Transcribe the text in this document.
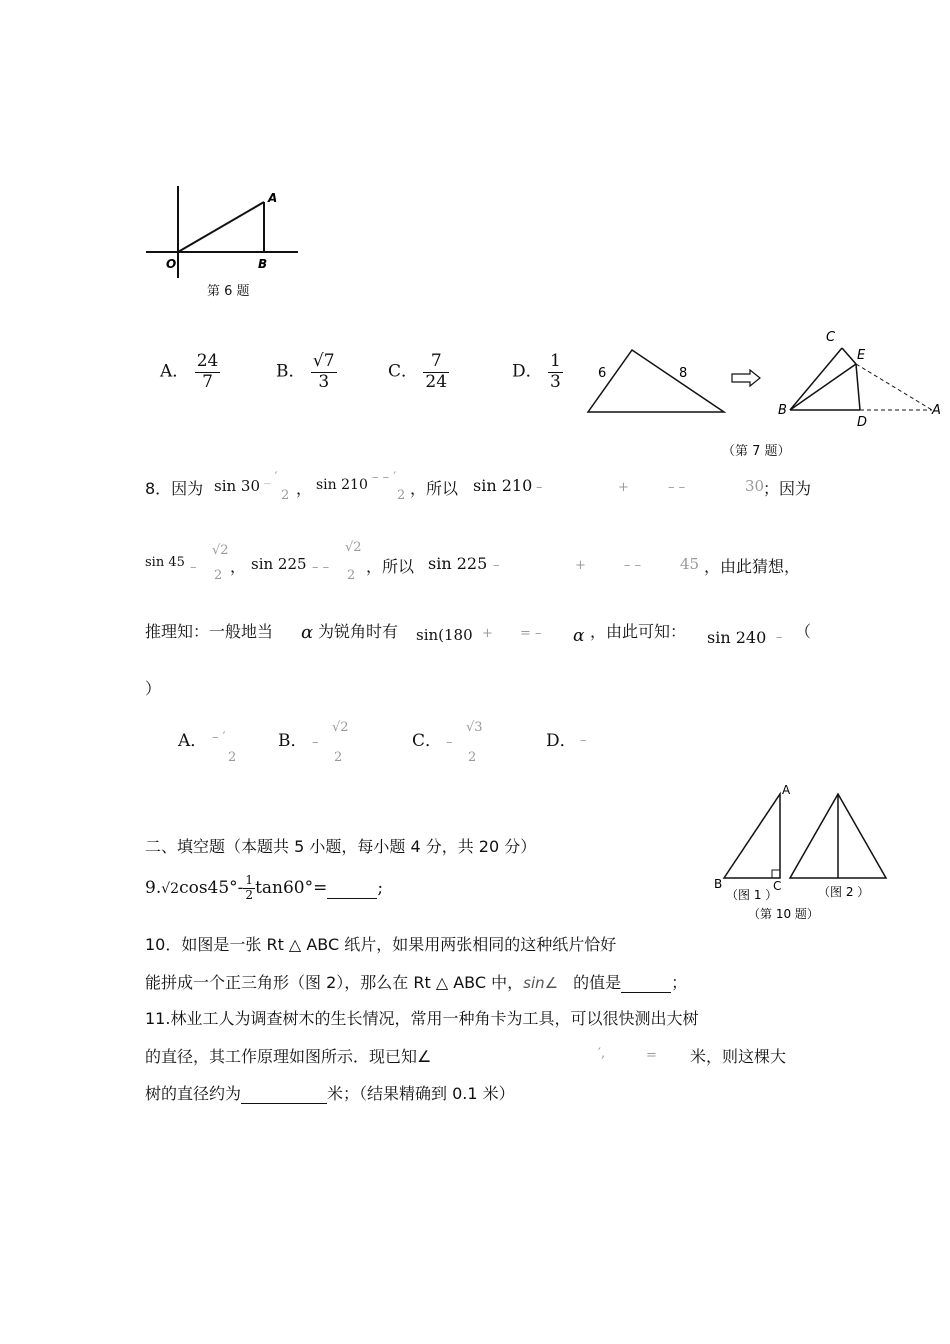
A
O	B
第 6 题
A． $\frac{24}{7}$	B． $\frac{√7}{3}$	C． $\frac{7}{24}$	D． $\frac{1}{3}$	6	8
C
E
B
D
A
（第 7 题）
8．因为 sin 30 _ ′
2 ， sin 210 – – ′
2 ，所以 sin 210 –	+	– –	30
；因为
sin 45 –
√2
2 ， sin 225 – –
√2
2 ，所以 sin 225 –	+	– –	45 ，由此猜想，
推理知：一般地当 α 为锐角时有 sin(180 + = – α ，由此可知： sin 240 – （
）
A． – ′
2
B． –
√2
2
C． –
√3
2
D． –
二、填空题（本题共 5 小题，每小题 4 分，共 20 分）
$9.√2\cos 45^\circ- \frac{1}{2} \tan 60^\circ=$	;
A
B	C
（图 1 ）	（图 2 ）
（第 10 题）
10．如图是一张 Rt △ ABC 纸片，如果用两张相同的这种纸片恰好
能拼成一个正三角形（图 2），那么在 Rt △ ABC 中，sin∠ 的值是	；
11.林业工人为调查树木的生长情况，常用一种角卡为工具，可以很快测出大树
的直径，其工作原理如图所示．现已知∠	′,	= 米，则这棵大
树的直径约为	米；（结果精确到 0.1 米）
